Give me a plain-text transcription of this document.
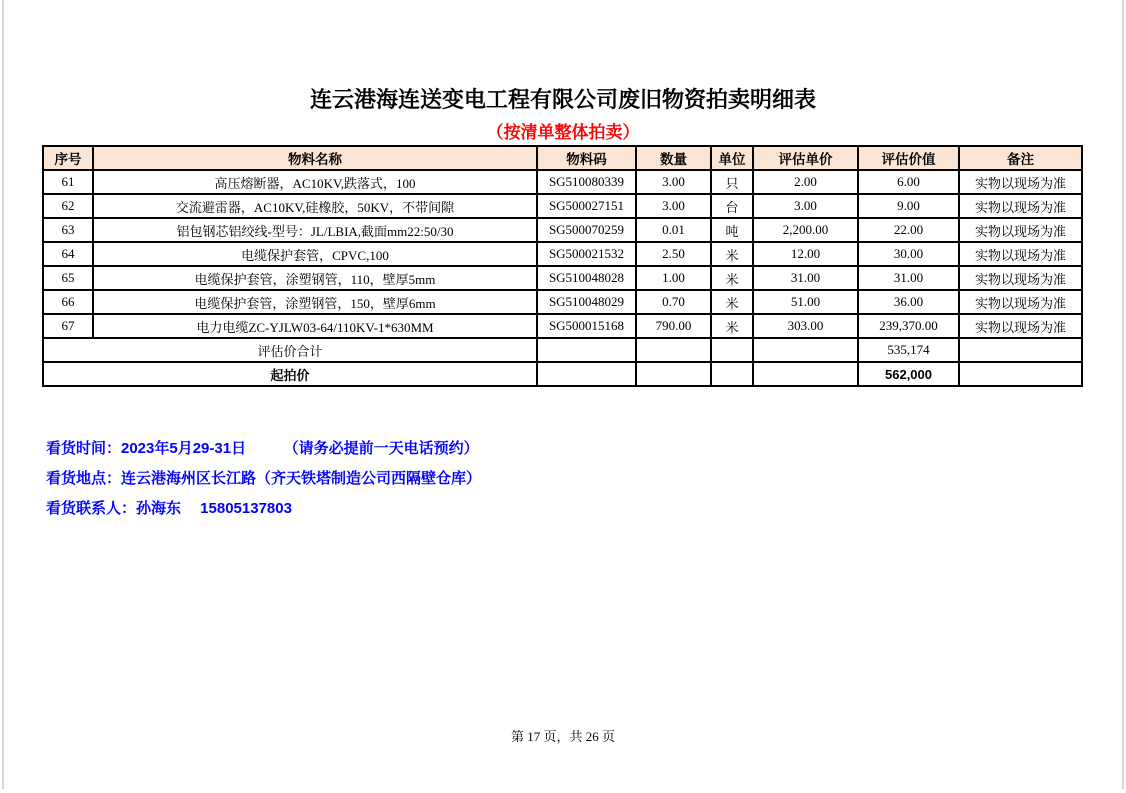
连云港海连送变电工程有限公司废旧物资拍卖明细表
（按清单整体拍卖）
序号	物料名称	物料码	数量	单位	评估单价	评估价值	备注
61	高压熔断器，AC10KV,跌落式，100	SG510080339	3.00	只	2.00	6.00	实物以现场为准
62	交流避雷器，AC10KV,硅橡胶，50KV，不带间隙	SG500027151	3.00	台	3.00	9.00	实物以现场为准
63	铝包钢芯铝绞线-型号：JL/LBIA,截面mm22:50/30	SG500070259	0.01	吨	2,200.00	22.00	实物以现场为准
64	电缆保护套管，CPVC,100	SG500021532	2.50	米	12.00	30.00	实物以现场为准
65	电缆保护套管，涂塑钢管，110，壁厚5mm	SG510048028	1.00	米	31.00	31.00	实物以现场为准
66	电缆保护套管，涂塑钢管，150，壁厚6mm	SG510048029	0.70	米	51.00	36.00	实物以现场为准
67	电力电缆ZC-YJLW03-64/110KV-1*630MM	SG500015168	790.00	米	303.00	239,370.00	实物以现场为准
评估价合计						535,174	
起拍价						562,000	
看货时间：2023年5月29-31日　　　（请务必提前一天电话预约）
看货地点：连云港海州区长江路（齐天铁塔制造公司西隔壁仓库）
看货联系人：孙海东　 15805137803
第 17 页，共 26 页
